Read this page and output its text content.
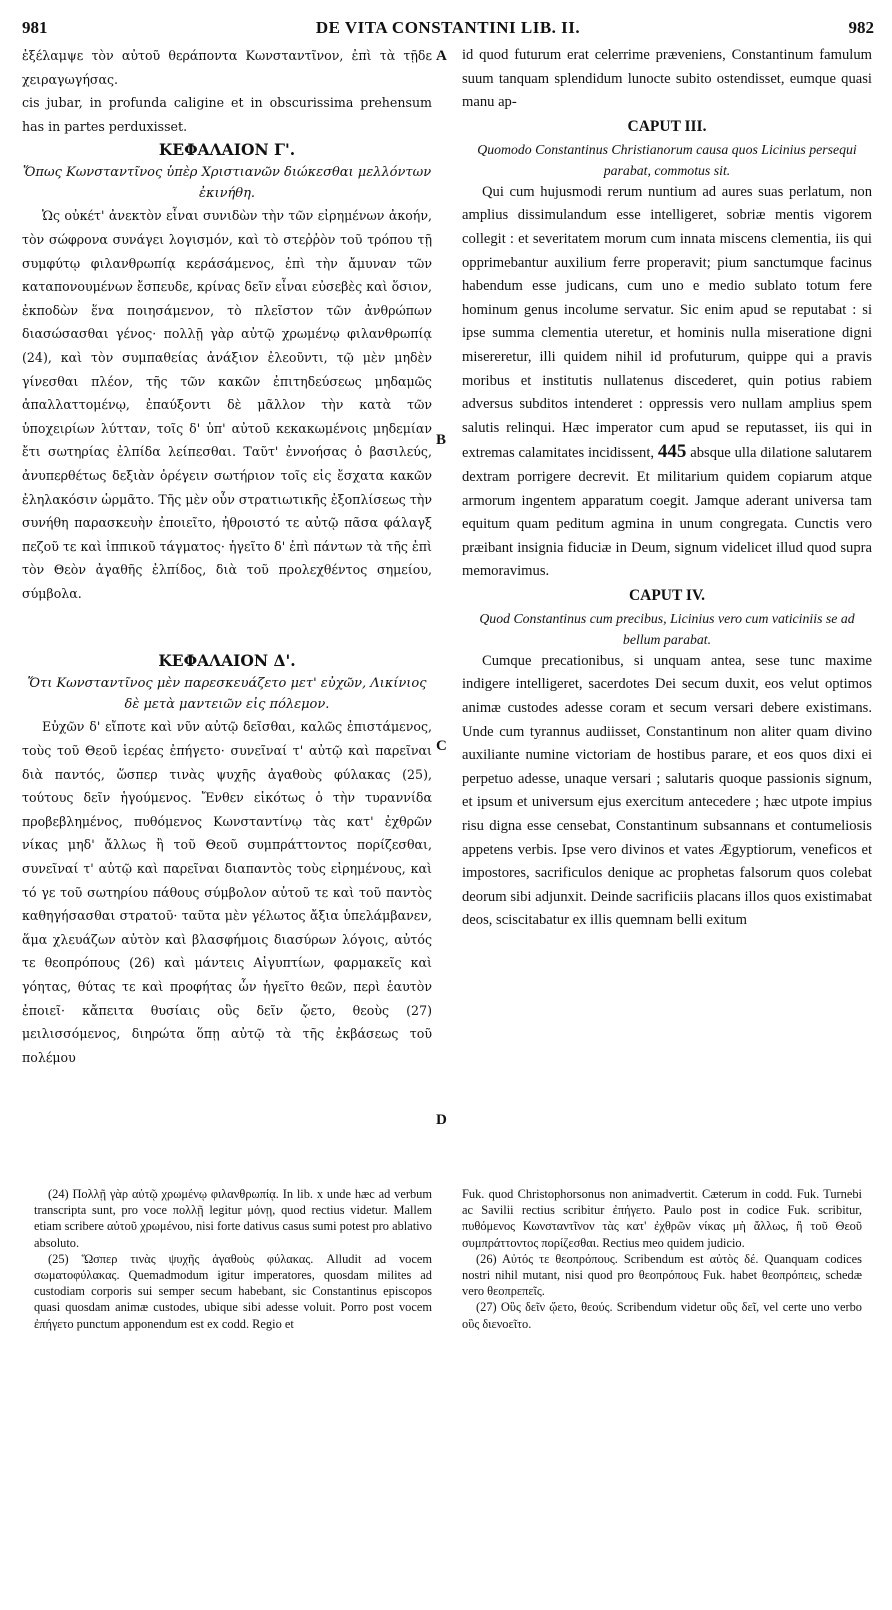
981	DE VITA CONSTANTINI LIB. II.	982

ἐξέλαμψε τὸν αὐτοῦ θεράποντα Κωνσταντῖνον, ἐπὶ τὰ τῇδε χειραγωγήσας.

cis jubar, in profunda caligine et in obscurissima prehensum has in partes perduxisset.

ΚΕΦΑΛΑΙΟΝ Γ'.

Ὅπως Κωνσταντῖνος ὑπὲρ Χριστιανῶν διώκεσθαι μελλόντων ἐκινήθη.

Ὡς οὐκέτ' ἀνεκτὸν εἶναι συνιδὼν τὴν τῶν εἰρημένων ἀκοήν, τὸν σώφρονα συνάγει λογισμόν, καὶ τὸ στεῤῥὸν τοῦ τρόπου τῇ συμφύτῳ φιλανθρωπίᾳ κεράσάμενος, ἐπὶ τὴν ἄμυναν τῶν καταπονουμένων ἔσπευδε, κρίνας δεῖν εἶναι εὐσεβὲς καὶ ὅσιον, ἐκποδὼν ἕνα ποιησάμενον, τὸ πλεῖστον τῶν ἀνθρώπων διασώσασθαι γένος· πολλῇ γὰρ αὐτῷ χρωμένῳ φιλανθρωπίᾳ (24), καὶ τὸν συμπαθείας ἀνάξιον ἐλεοῦντι, τῷ μὲν μηδὲν γίνεσθαι πλέον, τῆς τῶν κακῶν ἐπιτηδεύσεως μηδαμῶς ἀπαλλαττομένῳ, ἐπαύξοντι δὲ μᾶλλον τὴν κατὰ τῶν ὑποχειρίων λύτταν, τοῖς δ' ὑπ' αὐτοῦ κεκακωμένοις μηδεμίαν ἔτι σωτηρίας ἐλπίδα λείπεσθαι. Ταῦτ' ἐννοήσας ὁ βασιλεύς, ἀνυπερθέτως δεξιὰν ὀρέγειν σωτήριον τοῖς εἰς ἔσχατα κακῶν ἐληλακόσιν ὡρμᾶτο. Τῆς μὲν οὖν στρατιωτικῆς ἐξοπλίσεως τὴν συνήθη παρασκευὴν ἐποιεῖτο, ἠθροιστό τε αὐτῷ πᾶσα φάλαγξ πεζοῦ τε καὶ ἱππικοῦ τάγματος· ἡγεῖτο δ' ἐπὶ πάντων τὰ τῆς ἐπὶ τὸν Θεὸν ἀγαθῆς ἐλπίδος, διὰ τοῦ προλεχθέντος σημείου, σύμβολα.

ΚΕΦΑΛΑΙΟΝ Δ'.

Ὅτι Κωνσταντῖνος μὲν παρεσκευάζετο μετ' εὐχῶν, Λικίνιος δὲ μετὰ μαντειῶν εἰς πόλεμον.

Εὐχῶν δ' εἴποτε καὶ νῦν αὐτῷ δεῖσθαι, καλῶς ἐπιστάμενος, τοὺς τοῦ Θεοῦ ἱερέας ἐπήγετο· συνεῖναί τ' αὐτῷ καὶ παρεῖναι διὰ παντός, ὥσπερ τινὰς ψυχῆς ἀγαθοὺς φύλακας (25), τούτους δεῖν ἡγούμενος. Ἔνθεν εἰκότως ὁ τὴν τυραννίδα προβεβλημένος, πυθόμενος Κωνσταντίνῳ τὰς κατ' ἐχθρῶν νίκας μηδ' ἄλλως ἢ τοῦ Θεοῦ συμπράττοντος πορίζεσθαι, συνεῖναί τ' αὐτῷ καὶ παρεῖναι διαπαντὸς τοὺς εἰρημένους, καὶ τό γε τοῦ σωτηρίου πάθους σύμβολον αὐτοῦ τε καὶ τοῦ παντὸς καθηγήσασθαι στρατοῦ· ταῦτα μὲν γέλωτος ἄξια ὑπελάμβανεν, ἅμα χλευάζων αὐτὸν καὶ βλασφήμοις διασύρων λόγοις, αὐτός τε θεοπρόπους (26) καὶ μάντεις Αἰγυπτίων, φαρμακεῖς καὶ γόητας, θύτας τε καὶ προφήτας ὧν ἡγεῖτο θεῶν, περὶ ἑαυτὸν ἐποιεῖ· κἄπειτα θυσίαις οὓς δεῖν ᾤετο, θεοὺς (27) μειλισσόμενος, διηρώτα ὅπῃ αὐτῷ τὰ τῆς ἐκβάσεως τοῦ πολέμου

A
B
C
D

id quod futurum erat celerrime præveniens, Constantinum famulum suum tanquam splendidum lunocte subito ostendisset, eumque quasi manu ap-

CAPUT III.

Quomodo Constantinus Christianorum causa quos Licinius persequi parabat, commotus sit.

Qui cum hujusmodi rerum nuntium ad aures suas perlatum, non amplius dissimulandum esse intelligeret, sobriæ mentis vigorem collegit : et severitatem morum cum innata miscens clementia, iis qui opprimebantur auxilium ferre properavit; pium sanctumque facinus habendum esse judicans, cum uno e medio sublato totum fere hominum genus incolume servatur. Sic enim apud se reputabat : si ipse summa clementia uteretur, et hominis nulla miseratione digni misereretur, illi quidem nihil id profuturum, quippe qui a pravis moribus et institutis nullatenus discederet, quin potius rabiem adversus subditos intenderet : oppressis vero nullam amplius spem salutis relinqui. Hæc imperator cum apud se reputasset, iis qui in extremas calamitates incidissent, 445 absque ulla dilatione salutarem dextram porrigere decrevit. Et militarium quidem copiarum atque armorum ingentem apparatum coegit. Jamque aderant universa tam equitum quam peditum agmina in unum congregata. Cunctis vero præibant insignia fiduciæ in Deum, signum videlicet illud quod supra memoravimus.

CAPUT IV.

Quod Constantinus cum precibus, Licinius vero cum vaticiniis se ad bellum parabat.

Cumque precationibus, si unquam antea, sese tunc maxime indigere intelligeret, sacerdotes Dei secum duxit, eos velut optimos animæ custodes adesse coram et secum versari debere existimans. Unde cum tyrannus audiisset, Constantinum non aliter quam divino auxiliante numine victoriam de hostibus parare, et eos quos dixi ei perpetuo adesse, unaque versari ; salutaris quoque passionis signum, et ipsum et universum ejus exercitum antecedere ; hæc utpote impius risu digna esse censebat, Constantinum subsannans et contumeliosis appetens verbis. Ipse vero divinos et vates Ægyptiorum, veneficos et impostores, sacrificulos denique ac prophetas falsorum quos colebat deorum sibi adjunxit. Deinde sacrificiis placans illos quos existimabat deos, sciscitabatur ex illis quemnam belli exitum

(24) Πολλῇ γὰρ αὐτῷ χρωμένῳ φιλανθρωπίᾳ. In lib. x unde hæc ad verbum transcripta sunt, pro voce πολλῇ legitur μόνῃ, quod rectius videtur. Mallem etiam scribere αὐτοῦ χρωμένου, nisi forte dativus casus sumi potest pro ablativo absoluto.

(25) Ὥσπερ τινὰς ψυχῆς ἀγαθοὺς φύλακας. Alludit ad vocem σωματοφύλακας. Quemadmodum igitur imperatores, quosdam milites ad custodiam corporis sui semper secum habebant, sic Constantinus episcopos quasi quosdam animæ custodes, ubique sibi adesse voluit. Porro post vocem ἐπήγετο punctum apponendum est ex codd. Regio et

Fuk. quod Christophorsonus non animadvertit. Cæterum in codd. Fuk. Turnebi ac Savilii rectius scribitur ἐπήγετο. Paulo post in codice Fuk. scribitur, πυθόμενος Κωνσταντῖνον τὰς κατ' ἐχθρῶν νίκας μὴ ἄλλως, ἢ τοῦ Θεοῦ συμπράττοντος πορίζεσθαι. Rectius meo quidem judicio.

(26) Αὐτός τε θεοπρόπους. Scribendum est αὐτὸς δέ. Quanquam codices nostri nihil mutant, nisi quod pro θεοπρόπους Fuk. habet θεοπρόπεις, schedæ vero θεοπρεπεῖς.

(27) Οὓς δεῖν ᾤετο, θεούς. Scribendum videtur οὓς δεῖ, vel certe uno verbo οὓς διενοεῖτο.
